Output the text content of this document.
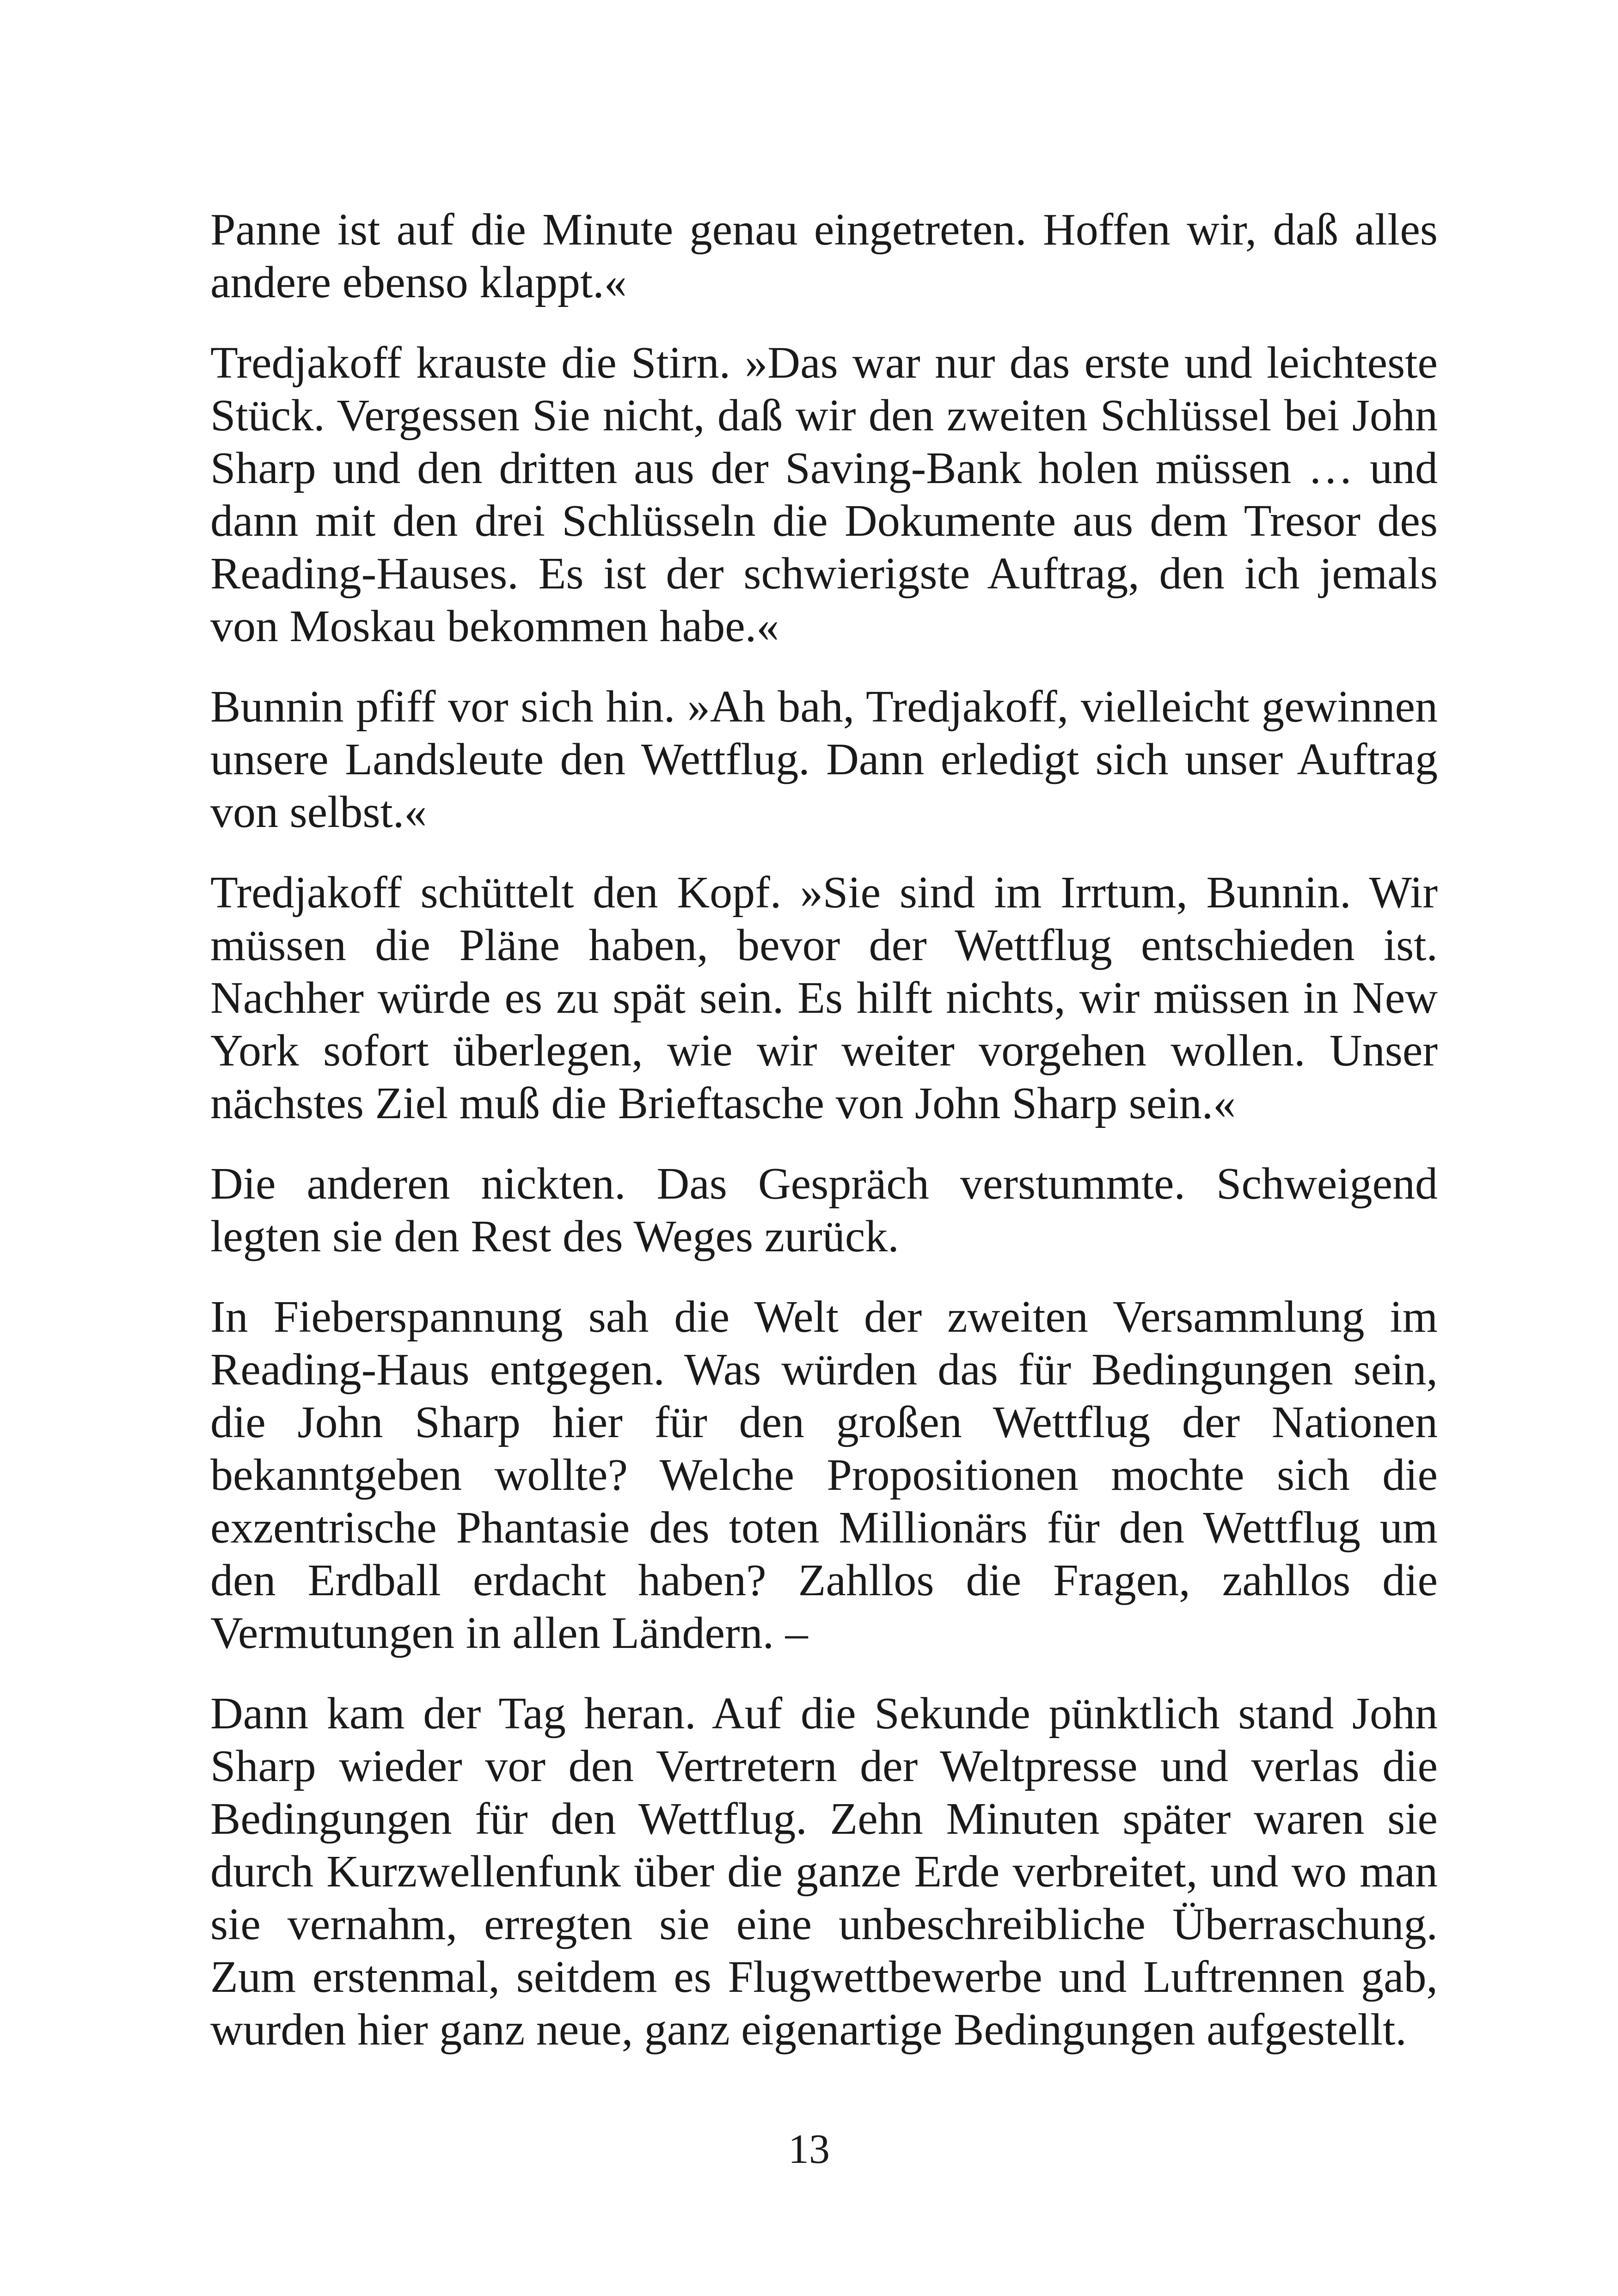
Panne ist auf die Minute genau eingetreten. Hoffen wir, daß alles andere ebenso klappt.«

Tredjakoff krauste die Stirn. »Das war nur das erste und leichteste Stück. Vergessen Sie nicht, daß wir den zweiten Schlüssel bei John Sharp und den dritten aus der Saving-Bank holen müssen … und dann mit den drei Schlüsseln die Dokumente aus dem Tresor des Reading-Hauses. Es ist der schwierigste Auftrag, den ich jemals von Moskau bekommen habe.«

Bunnin pfiff vor sich hin. »Ah bah, Tredjakoff, vielleicht gewinnen unsere Landsleute den Wettflug. Dann erledigt sich unser Auftrag von selbst.«

Tredjakoff schüttelt den Kopf. »Sie sind im Irrtum, Bunnin. Wir müssen die Pläne haben, bevor der Wettflug entschieden ist. Nachher würde es zu spät sein. Es hilft nichts, wir müssen in New York sofort überlegen, wie wir weiter vorgehen wollen. Unser nächstes Ziel muß die Brieftasche von John Sharp sein.«

Die anderen nickten. Das Gespräch verstummte. Schweigend legten sie den Rest des Weges zurück.

In Fieberspannung sah die Welt der zweiten Versammlung im Reading-Haus entgegen. Was würden das für Bedingungen sein, die John Sharp hier für den großen Wettflug der Nationen bekanntgeben wollte? Welche Propositionen mochte sich die exzentrische Phantasie des toten Millionärs für den Wettflug um den Erdball erdacht haben? Zahllos die Fragen, zahllos die Vermutungen in allen Ländern. –

Dann kam der Tag heran. Auf die Sekunde pünktlich stand John Sharp wieder vor den Vertretern der Weltpresse und verlas die Bedingungen für den Wettflug. Zehn Minuten später waren sie durch Kurzwellenfunk über die ganze Erde verbreitet, und wo man sie vernahm, erregten sie eine unbeschreibliche Überraschung. Zum erstenmal, seitdem es Flugwettbewerbe und Luftrennen gab, wurden hier ganz neue, ganz eigenartige Bedingungen aufgestellt.

13
